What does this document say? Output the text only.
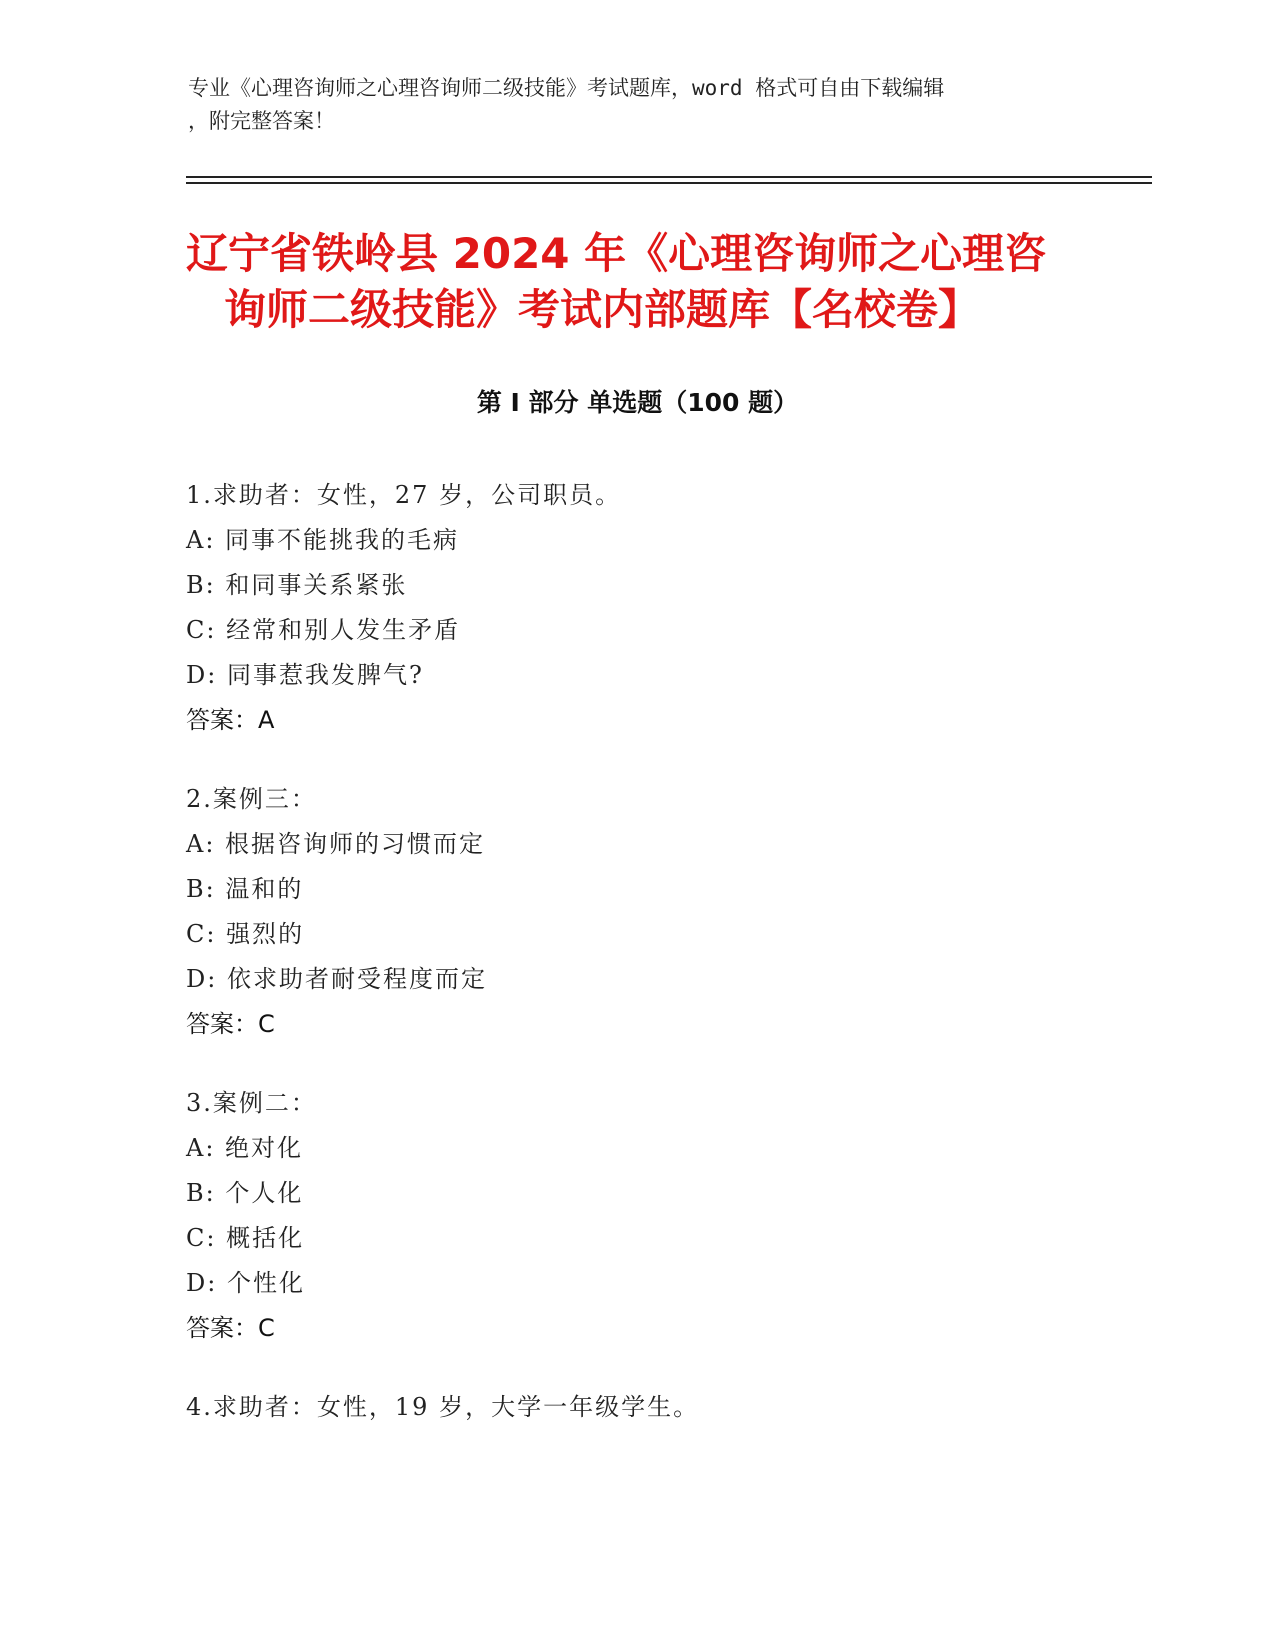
专业《心理咨询师之心理咨询师二级技能》考试题库，word 格式可自由下载编辑
，附完整答案！
辽宁省铁岭县 2024 年《心理咨询师之心理咨
询师二级技能》考试内部题库【名校卷】
第 I 部分 单选题（100 题）
1.求助者：女性，27 岁，公司职员。
A: 同事不能挑我的毛病
B: 和同事关系紧张
C: 经常和别人发生矛盾
D: 同事惹我发脾气?
答案：A
2.案例三：
A: 根据咨询师的习惯而定
B: 温和的
C: 强烈的
D: 依求助者耐受程度而定
答案：C
3.案例二：
A: 绝对化
B: 个人化
C: 概括化
D: 个性化
答案：C
4.求助者：女性，19 岁，大学一年级学生。
